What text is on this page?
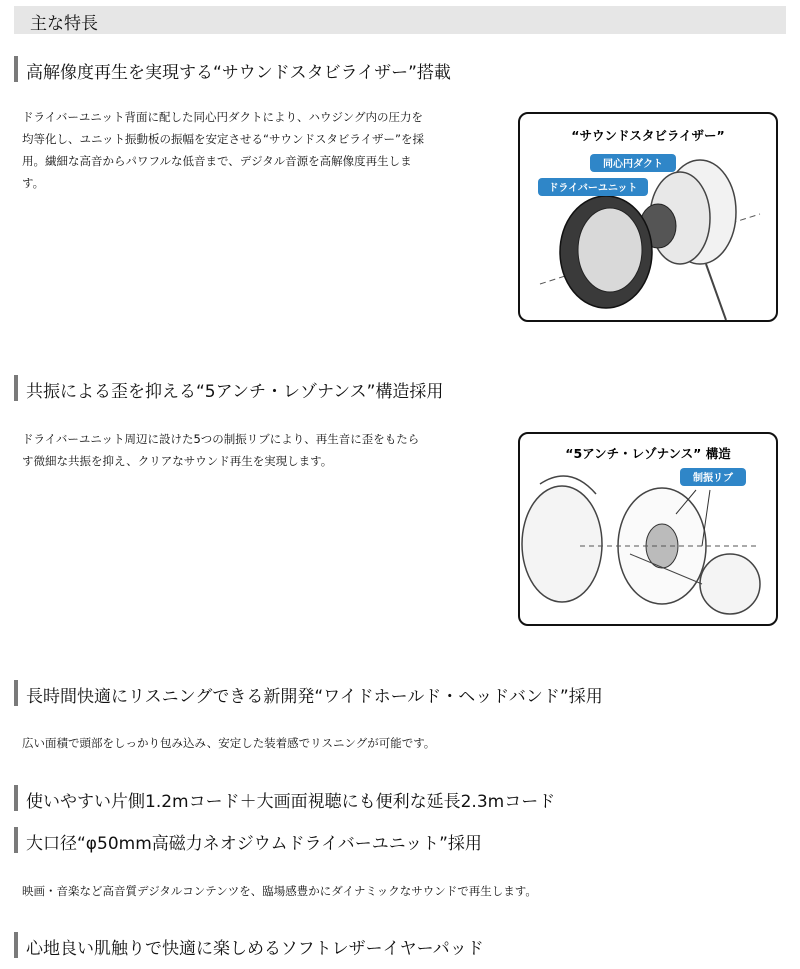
主な特長
高解像度再生を実現する“サウンドスタビライザー”搭載
ドライバーユニット背面に配した同心円ダクトにより、ハウジング内の圧力を
均等化し、ユニット振動板の振幅を安定させる“サウンドスタビライザー”を採
用。繊細な高音からパワフルな低音まで、デジタル音源を高解像度再生しま
す。
“サウンドスタビライザー”
同心円ダクト
ドライバーユニット
共振による歪を抑える“5アンチ・レゾナンス”構造採用
ドライバーユニット周辺に設けた5つの制振リブにより、再生音に歪をもたら
す微細な共振を抑え、クリアなサウンド再生を実現します。	“5アンチ・レゾナンス” 構造
制振リブ
長時間快適にリスニングできる新開発“ワイドホールド・ヘッドバンド”採用
広い面積で頭部をしっかり包み込み、安定した装着感でリスニングが可能です。
使いやすい片側1.2mコード＋大画面視聴にも便利な延長2.3mコード
大口径“φ50mm高磁力ネオジウムドライバーユニット”採用
映画・音楽など高音質デジタルコンテンツを、臨場感豊かにダイナミックなサウンドで再生します。
心地良い肌触りで快適に楽しめるソフトレザーイヤーパッド
